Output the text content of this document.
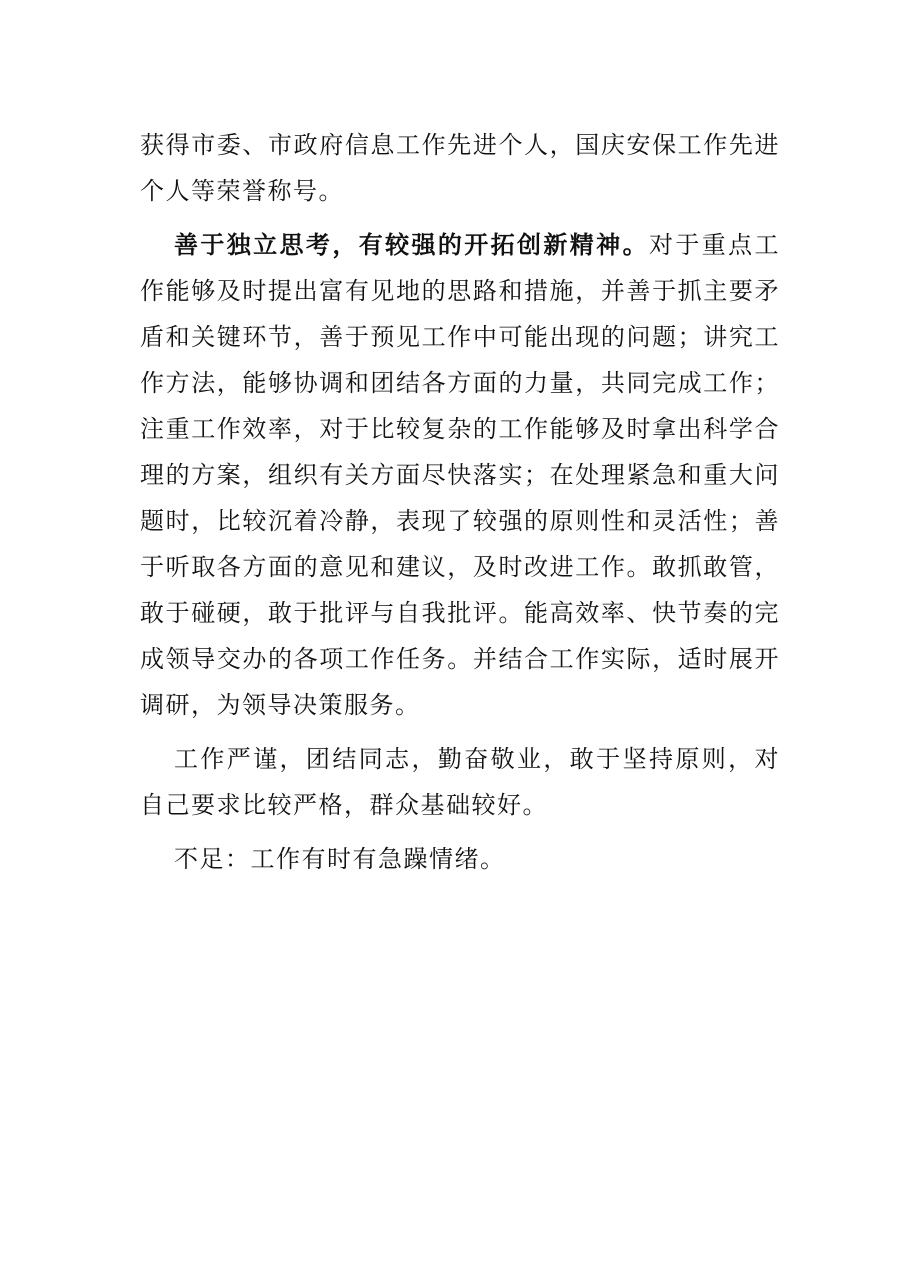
获得市委、市政府信息工作先进个人，国庆安保工作先进个人等荣誉称号。

善于独立思考，有较强的开拓创新精神。对于重点工作能够及时提出富有见地的思路和措施，并善于抓主要矛盾和关键环节，善于预见工作中可能出现的问题；讲究工作方法，能够协调和团结各方面的力量，共同完成工作；注重工作效率，对于比较复杂的工作能够及时拿出科学合理的方案，组织有关方面尽快落实；在处理紧急和重大问题时，比较沉着冷静，表现了较强的原则性和灵活性；善于听取各方面的意见和建议，及时改进工作。敢抓敢管，敢于碰硬，敢于批评与自我批评。能高效率、快节奏的完成领导交办的各项工作任务。并结合工作实际，适时展开调研，为领导决策服务。

工作严谨，团结同志，勤奋敬业，敢于坚持原则，对自己要求比较严格，群众基础较好。

不足：工作有时有急躁情绪。
